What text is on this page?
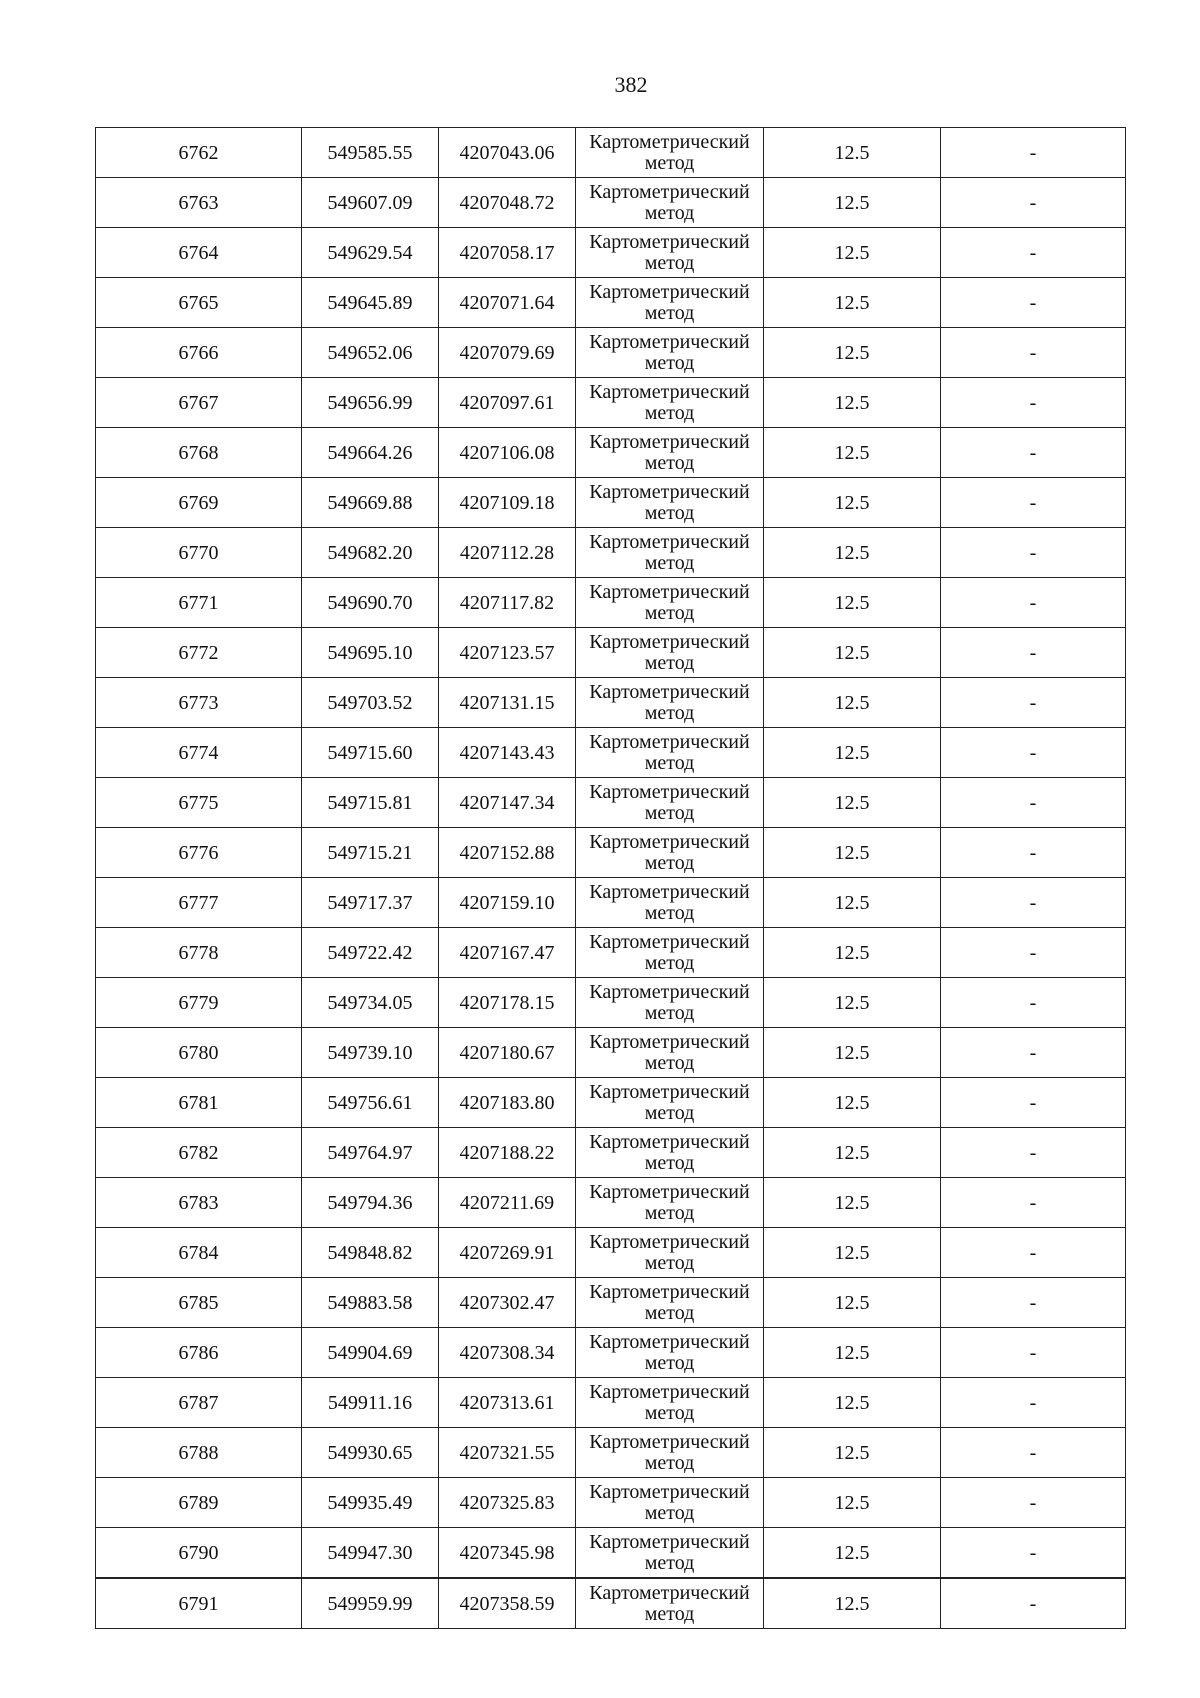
382
6762	549585.55	4207043.06	Картометрический
метод	12.5	-
6763	549607.09	4207048.72	Картометрический
метод	12.5	-
6764	549629.54	4207058.17	Картометрический
метод	12.5	-
6765	549645.89	4207071.64	Картометрический
метод	12.5	-
6766	549652.06	4207079.69	Картометрический
метод	12.5	-
6767	549656.99	4207097.61	Картометрический
метод	12.5	-
6768	549664.26	4207106.08	Картометрический
метод	12.5	-
6769	549669.88	4207109.18	Картометрический
метод	12.5	-
6770	549682.20	4207112.28	Картометрический
метод	12.5	-
6771	549690.70	4207117.82	Картометрический
метод	12.5	-
6772	549695.10	4207123.57	Картометрический
метод	12.5	-
6773	549703.52	4207131.15	Картометрический
метод	12.5	-
6774	549715.60	4207143.43	Картометрический
метод	12.5	-
6775	549715.81	4207147.34	Картометрический
метод	12.5	-
6776	549715.21	4207152.88	Картометрический
метод	12.5	-
6777	549717.37	4207159.10	Картометрический
метод	12.5	-
6778	549722.42	4207167.47	Картометрический
метод	12.5	-
6779	549734.05	4207178.15	Картометрический
метод	12.5	-
6780	549739.10	4207180.67	Картометрический
метод	12.5	-
6781	549756.61	4207183.80	Картометрический
метод	12.5	-
6782	549764.97	4207188.22	Картометрический
метод	12.5	-
6783	549794.36	4207211.69	Картометрический
метод	12.5	-
6784	549848.82	4207269.91	Картометрический
метод	12.5	-
6785	549883.58	4207302.47	Картометрический
метод	12.5	-
6786	549904.69	4207308.34	Картометрический
метод	12.5	-
6787	549911.16	4207313.61	Картометрический
метод	12.5	-
6788	549930.65	4207321.55	Картометрический
метод	12.5	-
6789	549935.49	4207325.83	Картометрический
метод	12.5	-
6790	549947.30	4207345.98	Картометрический
метод	12.5	-
6791	549959.99	4207358.59	Картометрический
метод	12.5	-
